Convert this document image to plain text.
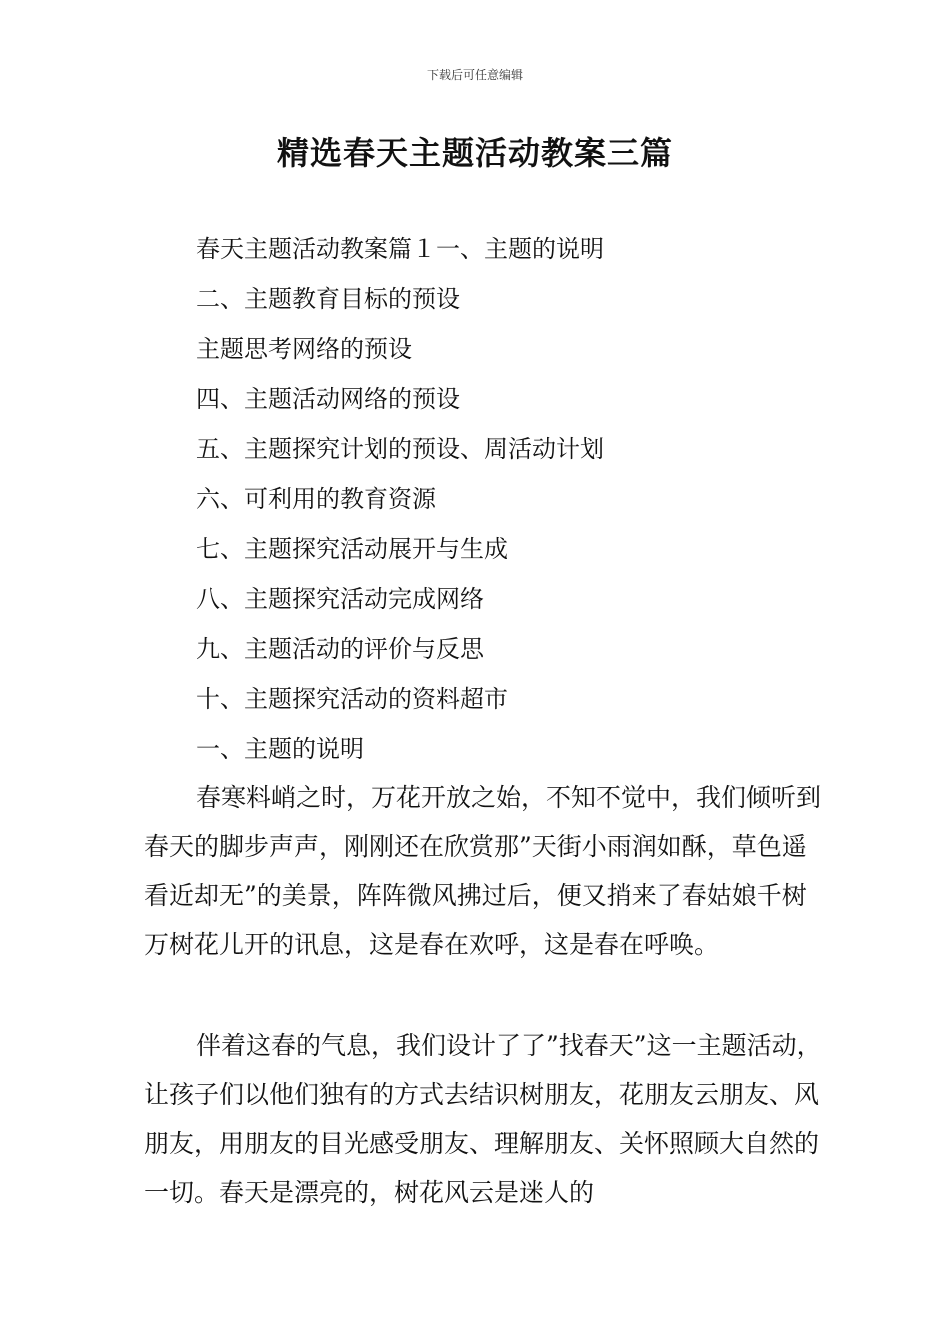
下载后可任意编辑
精选春天主题活动教案三篇
春天主题活动教案篇１一、主题的说明
二、主题教育目标的预设
主题思考网络的预设
四、主题活动网络的预设
五、主题探究计划的预设、周活动计划
六、可利用的教育资源
七、主题探究活动展开与生成
八、主题探究活动完成网络
九、主题活动的评价与反思
十、主题探究活动的资料超市
一、主题的说明

春寒料峭之时，万花开放之始，不知不觉中，我们倾听到春天的脚步声声，刚刚还在欣赏那”天街小雨润如酥，草色遥看近却无”的美景，阵阵微风拂过后，便又捎来了春姑娘千树万树花儿开的讯息，这是春在欢呼，这是春在呼唤。

伴着这春的气息，我们设计了了”找春天”这一主题活动，让孩子们以他们独有的方式去结识树朋友，花朋友云朋友、风朋友，用朋友的目光感受朋友、理解朋友、关怀照顾大自然的一切。春天是漂亮的，树花风云是迷人的
